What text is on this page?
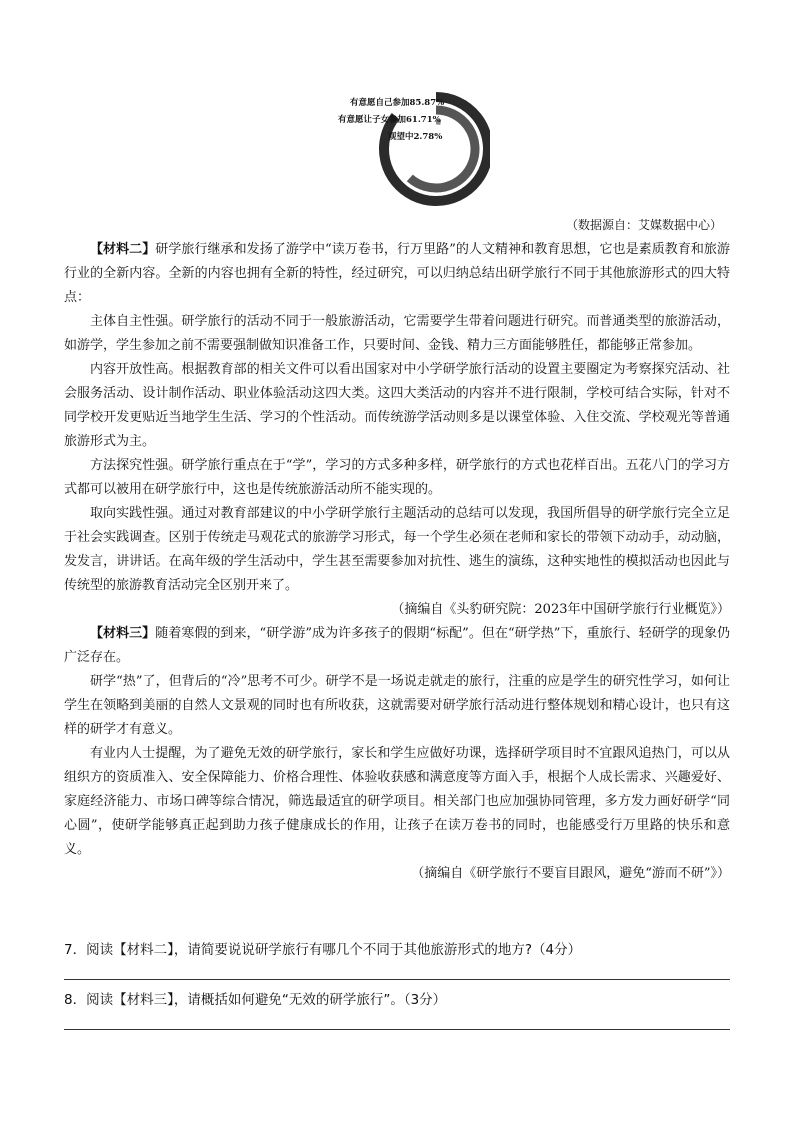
有意愿自己参加85.87%
有意愿让子女参加61.71%
观望中2.78%
（数据源自：艾媒数据中心）

【材料二】研学旅行继承和发扬了游学中“读万卷书，行万里路”的人文精神和教育思想，它也是素质教育和旅游行业的全新内容。全新的内容也拥有全新的特性，经过研究，可以归纳总结出研学旅行不同于其他旅游形式的四大特点：

主体自主性强。研学旅行的活动不同于一般旅游活动，它需要学生带着问题进行研究。而普通类型的旅游活动，如游学，学生参加之前不需要强制做知识准备工作，只要时间、金钱、精力三方面能够胜任，都能够正常参加。

内容开放性高。根据教育部的相关文件可以看出国家对中小学研学旅行活动的设置主要圈定为考察探究活动、社会服务活动、设计制作活动、职业体验活动这四大类。这四大类活动的内容并不进行限制，学校可结合实际，针对不同学校开发更贴近当地学生生活、学习的个性活动。而传统游学活动则多是以课堂体验、入住交流、学校观光等普通旅游形式为主。

方法探究性强。研学旅行重点在于“学”，学习的方式多种多样，研学旅行的方式也花样百出。五花八门的学习方式都可以被用在研学旅行中，这也是传统旅游活动所不能实现的。

取向实践性强。通过对教育部建议的中小学研学旅行主题活动的总结可以发现，我国所倡导的研学旅行完全立足于社会实践调查。区别于传统走马观花式的旅游学习形式，每一个学生必须在老师和家长的带领下动动手，动动脑，发发言，讲讲话。在高年级的学生活动中，学生甚至需要参加对抗性、逃生的演练，这种实地性的模拟活动也因此与传统型的旅游教育活动完全区别开来了。

（摘编自《头豹研究院：2023年中国研学旅行行业概览》）

【材料三】随着寒假的到来，“研学游”成为许多孩子的假期“标配”。但在“研学热”下，重旅行、轻研学的现象仍广泛存在。

研学“热”了，但背后的“冷”思考不可少。研学不是一场说走就走的旅行，注重的应是学生的研究性学习，如何让学生在领略到美丽的自然人文景观的同时也有所收获，这就需要对研学旅行活动进行整体规划和精心设计，也只有这样的研学才有意义。

有业内人士提醒，为了避免无效的研学旅行，家长和学生应做好功课，选择研学项目时不宜跟风追热门，可以从组织方的资质准入、安全保障能力、价格合理性、体验收获感和满意度等方面入手，根据个人成长需求、兴趣爱好、家庭经济能力、市场口碑等综合情况，筛选最适宜的研学项目。相关部门也应加强协同管理，多方发力画好研学“同心圆”，使研学能够真正起到助力孩子健康成长的作用，让孩子在读万卷书的同时，也能感受行万里路的快乐和意义。

（摘编自《研学旅行不要盲目跟风，避免“游而不研”》）

7．阅读【材料二】，请简要说说研学旅行有哪几个不同于其他旅游形式的地方?（4分）
8．阅读【材料三】，请概括如何避免“无效的研学旅行”。（3分）
